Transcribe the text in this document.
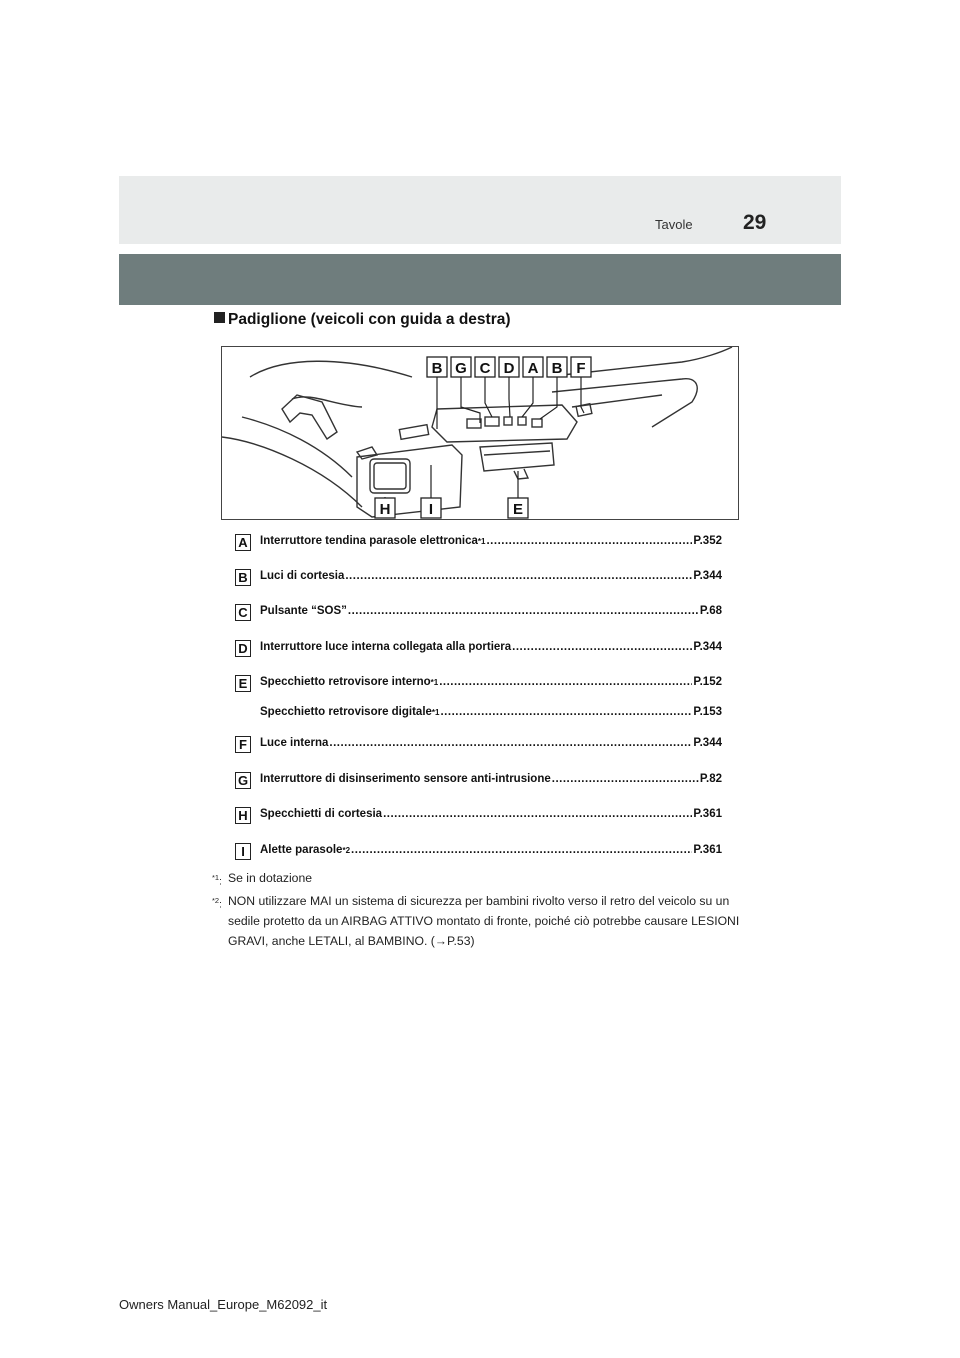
Tavole 29
Padiglione (veicoli con guida a destra)
B G C D A B F
H	I	E
A Interruttore tendina parasole elettronica *1 .....	P.352
B Luci di cortesia .....	P.344
C Pulsante “SOS” .....	P.68
D Interruttore luce interna collegata alla portiera .....	P.344
E	Specchietto retrovisore interno *1 .....	P.152
Specchietto retrovisore digitale *1 .....	P.153
F	Luce interna .....	P.344
G Interruttore di disinserimento sensore anti-intrusione .....	P.82
H Specchietti di cortesia .....	P.361
I	Alette parasole *2 .....	P.361
$^{*1}$: Se in dotazione
$^{*2}$: NON utilizzare MAI un sistema di sicurezza per bambini rivolto verso il retro del veicolo su un sedile protetto da un AIRBAG ATTIVO montato di fronte, poiché ciò potrebbe causare LESIONI GRAVI, anche LETALI, al BAMBINO. (→P.53)
Owners Manual_Europe_M62092_it
